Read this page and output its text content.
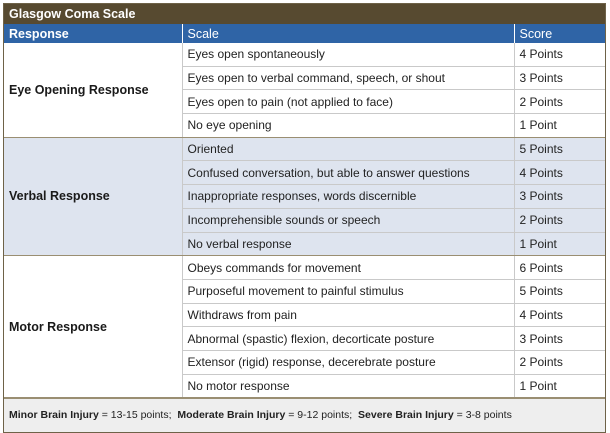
Glasgow Coma Scale
Response	Scale	Score
Eye Opening Response	Eyes open spontaneously	4 Points
	Eyes open to verbal command, speech, or shout	3 Points
	Eyes open to pain (not applied to face)	2 Points
	No eye opening	1 Point
Verbal Response	Oriented	5 Points
	Confused conversation, but able to answer questions	4 Points
	Inappropriate responses, words discernible	3 Points
	Incomprehensible sounds or speech	2 Points
	No verbal response	1 Point
Motor Response	Obeys commands for movement	6 Points
	Purposeful movement to painful stimulus	5 Points
	Withdraws from pain	4 Points
	Abnormal (spastic) flexion, decorticate posture	3 Points
	Extensor (rigid) response, decerebrate posture	2 Points
	No motor response	1 Point
Minor Brain Injury = 13-15 points; Moderate Brain Injury = 9-12 points; Severe Brain Injury = 3-8 points
